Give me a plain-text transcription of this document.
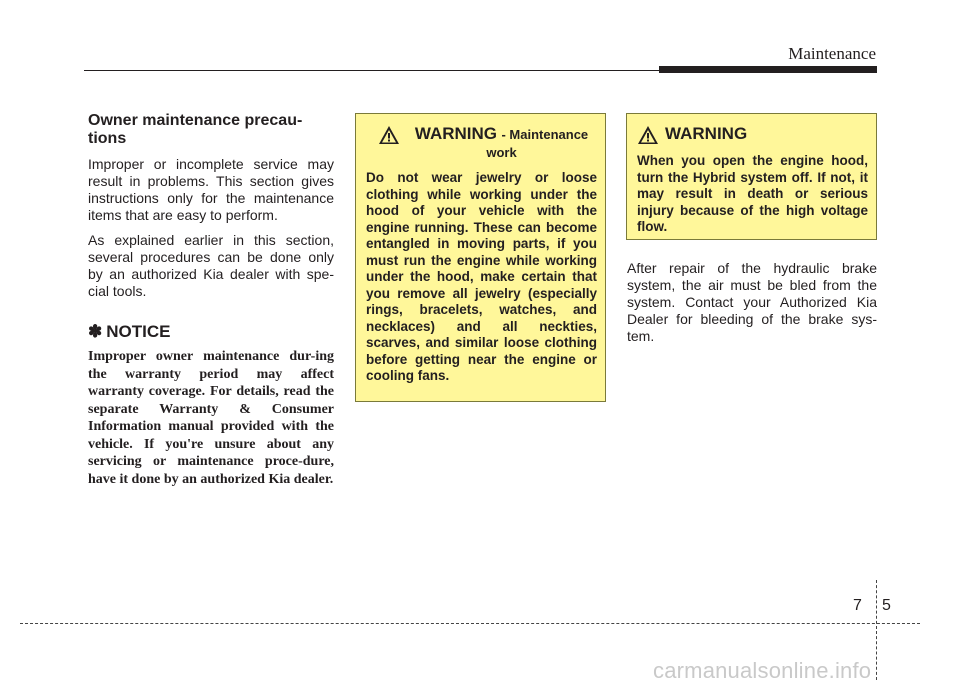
Maintenance
Owner maintenance precau-
tions

Improper or incomplete service may result in problems. This section gives instructions only for the maintenance items that are easy to perform.

As explained earlier in this section, several procedures can be done only by an authorized Kia dealer with spe-cial tools.

✽ NOTICE

Improper owner maintenance dur-ing the warranty period may affect warranty coverage. For details, read the separate Warranty & Consumer Information manual provided with the vehicle. If you're unsure about any servicing or maintenance proce-dure, have it done by an authorized Kia dealer.

WARNING - Maintenance work

Do not wear jewelry or loose clothing while working under the hood of your vehicle with the engine running. These can become entangled in moving parts, if you must run the engine while working under the hood, make certain that you remove all jewelry (especially rings, bracelets, watches, and necklaces) and all neckties, scarves, and similar loose clothing before getting near the engine or cooling fans.

WARNING

When you open the engine hood, turn the Hybrid system off. If not, it may result in death or serious injury because of the high voltage flow.

After repair of the hydraulic brake system, the air must be bled from the system. Contact your Authorized Kia Dealer for bleeding of the brake sys-tem.

7 5
carmanualsonline.info
